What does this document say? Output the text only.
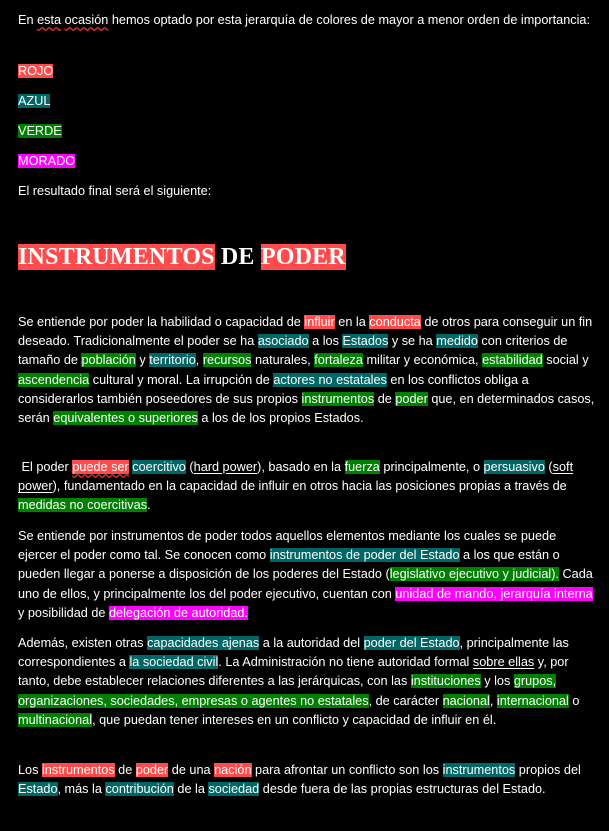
En esta ocasión hemos optado por esta jerarquía de colores de mayor a menor orden de importancia:

ROJO

AZUL

VERDE

MORADO

El resultado final será el siguiente:

INSTRUMENTOS DE PODER

Se entiende por poder la habilidad o capacidad de influir en la conducta de otros para conseguir un fin deseado. Tradicionalmente el poder se ha asociado a los Estados y se ha medido con criterios de tamaño de población y territorio, recursos naturales, fortaleza militar y económica, estabilidad social y ascendencia cultural y moral. La irrupción de actores no estatales en los conflictos obliga a considerarlos también poseedores de sus propios instrumentos de poder que, en determinados casos, serán equivalentes o superiores a los de los propios Estados.

El poder puede ser coercitivo (hard power), basado en la fuerza principalmente, o persuasivo (soft power), fundamentado en la capacidad de influir en otros hacia las posiciones propias a través de medidas no coercitivas.

Se entiende por instrumentos de poder todos aquellos elementos mediante los cuales se puede ejercer el poder como tal. Se conocen como instrumentos de poder del Estado a los que están o pueden llegar a ponerse a disposición de los poderes del Estado (legislativo ejecutivo y judicial). Cada uno de ellos, y principalmente los del poder ejecutivo, cuentan con unidad de mando, jerarquía interna y posibilidad de delegación de autoridad.

Además, existen otras capacidades ajenas a la autoridad del poder del Estado, principalmente las correspondientes a la sociedad civil. La Administración no tiene autoridad formal sobre ellas y, por tanto, debe establecer relaciones diferentes a las jerárquicas, con las instituciones y los grupos, organizaciones, sociedades, empresas o agentes no estatales, de carácter nacional, internacional o multinacional, que puedan tener intereses en un conflicto y capacidad de influir en él.

Los instrumentos de poder de una nación para afrontar un conflicto son los instrumentos propios del Estado, más la contribución de la sociedad desde fuera de las propias estructuras del Estado.
